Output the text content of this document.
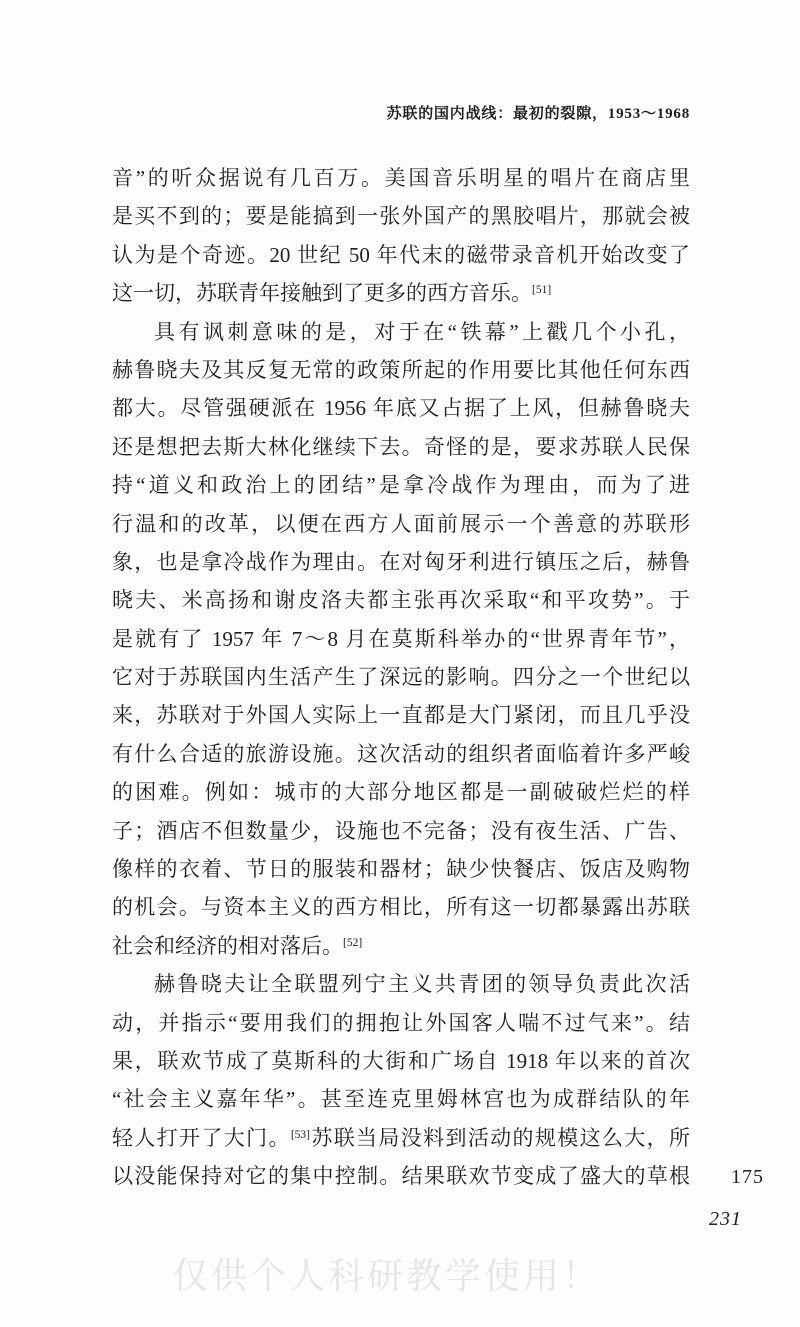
苏联的国内战线：最初的裂隙，1953～1968
音”的听众据说有几百万。美国音乐明星的唱片在商店里
是买不到的；要是能搞到一张外国产的黑胶唱片，那就会被
认为是个奇迹。20 世纪 50 年代末的磁带录音机开始改变了
这一切，苏联青年接触到了更多的西方音乐。[51]
具有讽刺意味的是，对于在“铁幕”上戳几个小孔，
赫鲁晓夫及其反复无常的政策所起的作用要比其他任何东西
都大。尽管强硬派在 1956 年底又占据了上风，但赫鲁晓夫
还是想把去斯大林化继续下去。奇怪的是，要求苏联人民保
持“道义和政治上的团结”是拿冷战作为理由，而为了进
行温和的改革，以便在西方人面前展示一个善意的苏联形
象，也是拿冷战作为理由。在对匈牙利进行镇压之后，赫鲁
晓夫、米高扬和谢皮洛夫都主张再次采取“和平攻势”。于
是就有了 1957 年 7～8 月在莫斯科举办的“世界青年节”，
它对于苏联国内生活产生了深远的影响。四分之一个世纪以
来，苏联对于外国人实际上一直都是大门紧闭，而且几乎没
有什么合适的旅游设施。这次活动的组织者面临着许多严峻
的困难。例如：城市的大部分地区都是一副破破烂烂的样
子；酒店不但数量少，设施也不完备；没有夜生活、广告、
像样的衣着、节日的服装和器材；缺少快餐店、饭店及购物
的机会。与资本主义的西方相比，所有这一切都暴露出苏联
社会和经济的相对落后。[52]
赫鲁晓夫让全联盟列宁主义共青团的领导负责此次活
动，并指示“要用我们的拥抱让外国客人喘不过气来”。结
果，联欢节成了莫斯科的大街和广场自 1918 年以来的首次
“社会主义嘉年华”。甚至连克里姆林宫也为成群结队的年
轻人打开了大门。[53]苏联当局没料到活动的规模这么大，所
以没能保持对它的集中控制。结果联欢节变成了盛大的草根 175
231
仅供个人科研教学使用！
